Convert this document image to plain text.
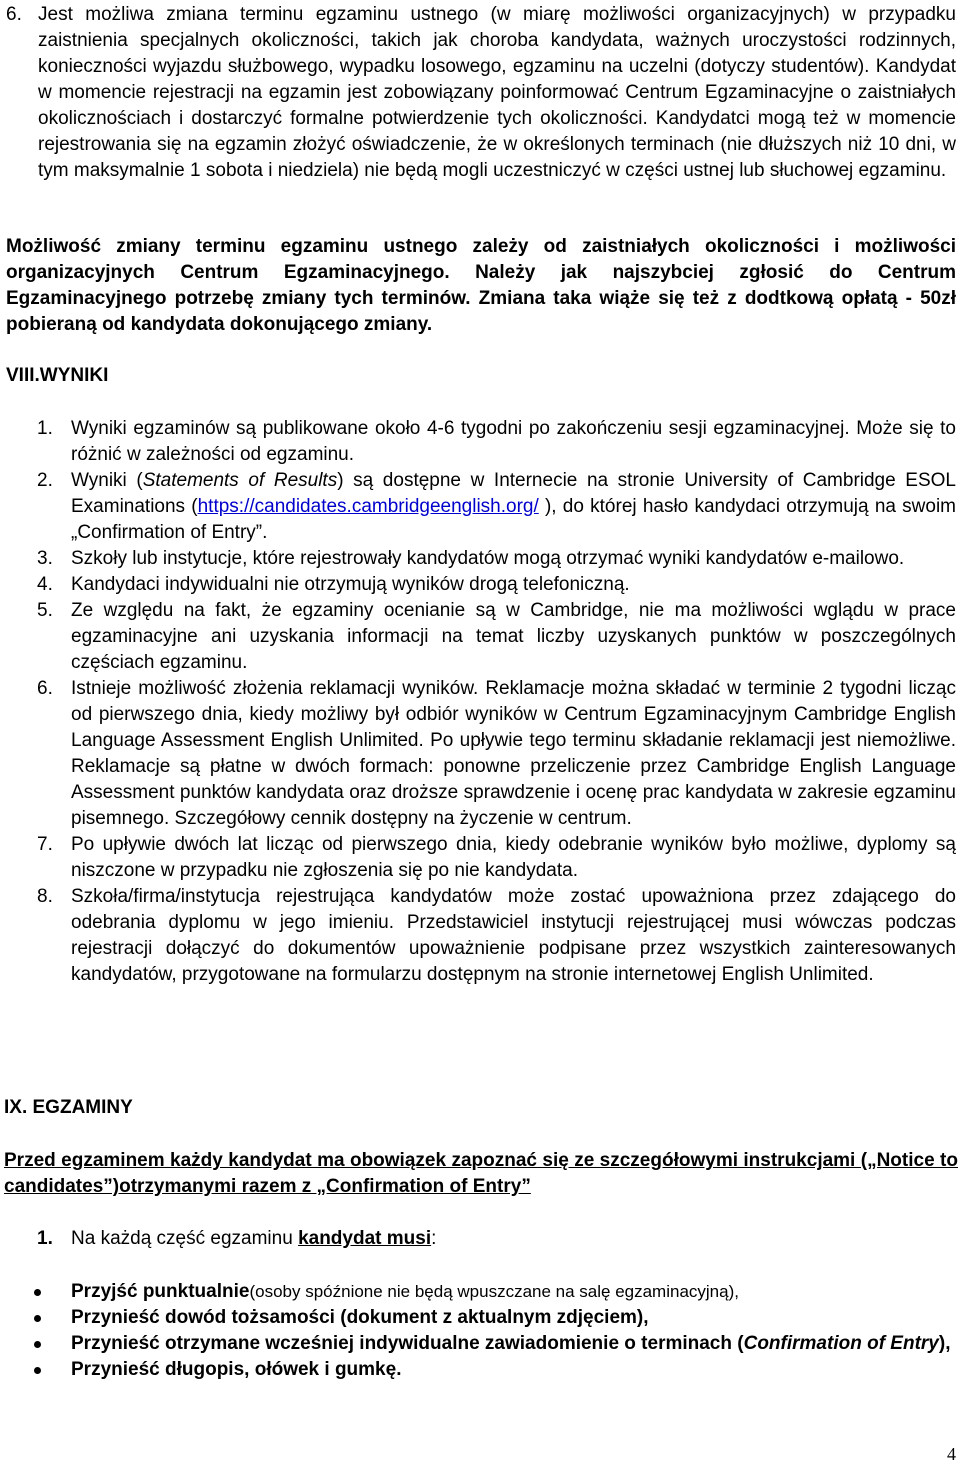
6. Jest możliwa zmiana terminu egzaminu ustnego (w miarę możliwości organizacyjnych) w przypadku zaistnienia specjalnych okoliczności, takich jak choroba kandydata, ważnych uroczystości rodzinnych, konieczności wyjazdu służbowego, wypadku losowego, egzaminu na uczelni (dotyczy studentów). Kandydat w momencie rejestracji na egzamin jest zobowiązany poinformować Centrum Egzaminacyjne o zaistniałych okolicznościach i dostarczyć formalne potwierdzenie tych okoliczności. Kandydatci mogą też w momencie rejestrowania się na egzamin złożyć oświadczenie, że w określonych terminach (nie dłuższych niż 10 dni, w tym maksymalnie 1 sobota i niedziela) nie będą mogli uczestniczyć w części ustnej lub słuchowej egzaminu.
Możliwość zmiany terminu egzaminu ustnego zależy od zaistniałych okoliczności i możliwości organizacyjnych Centrum Egzaminacyjnego. Należy jak najszybciej zgłosić do Centrum Egzaminacyjnego potrzebę zmiany tych terminów. Zmiana taka wiąże się też z dodtkową opłatą - 50zł pobieraną od kandydata dokonującego zmiany.
VIII.WYNIKI
1. Wyniki egzaminów są publikowane około 4-6 tygodni po zakończeniu sesji egzaminacyjnej. Może się to różnić w zależności od egzaminu.
2. Wyniki (Statements of Results) są dostępne w Internecie na stronie University of Cambridge ESOL Examinations (https://candidates.cambridgeenglish.org/ ), do której hasło kandydaci otrzymują na swoim „Confirmation of Entry”.
3. Szkoły lub instytucje, które rejestrowały kandydatów mogą otrzymać wyniki kandydatów e-mailowo.
4. Kandydaci indywidualni nie otrzymują wyników drogą telefoniczną.
5. Ze względu na fakt, że egzaminy ocenianie są w Cambridge, nie ma możliwości wglądu w prace egzaminacyjne ani uzyskania informacji na temat liczby uzyskanych punktów w poszczególnych częściach egzaminu.
6. Istnieje możliwość złożenia reklamacji wyników. Reklamacje można składać w terminie 2 tygodni licząc od pierwszego dnia, kiedy możliwy był odbiór wyników w Centrum Egzaminacyjnym Cambridge English Language Assessment English Unlimited. Po upływie tego terminu składanie reklamacji jest niemożliwe. Reklamacje są płatne w dwóch formach: ponowne przeliczenie przez Cambridge English Language Assessment punktów kandydata oraz droższe sprawdzenie i ocenę prac kandydata w zakresie egzaminu pisemnego. Szczegółowy cennik dostępny na życzenie w centrum.
7. Po upływie dwóch lat licząc od pierwszego dnia, kiedy odebranie wyników było możliwe, dyplomy są niszczone w przypadku nie zgłoszenia się po nie kandydata.
8. Szkoła/firma/instytucja rejestrująca kandydatów może zostać upoważniona przez zdającego do odebrania dyplomu w jego imieniu. Przedstawiciel instytucji rejestrującej musi wówczas podczas rejestracji dołączyć do dokumentów upoważnienie podpisane przez wszystkich zainteresowanych kandydatów, przygotowane na formularzu dostępnym na stronie internetowej English Unlimited.
IX. EGZAMINY
Przed egzaminem każdy kandydat ma obowiązek zapoznać się ze szczegółowymi instrukcjami („Notice to candidates”)otrzymanymi razem z „Confirmation of Entry”
1. Na każdą część egzaminu kandydat musi:
Przyjść punktualnie(osoby spóźnione nie będą wpuszczane na salę egzaminacyjną),
Przynieść dowód tożsamości (dokument z aktualnym zdjęciem),
Przynieść otrzymane wcześniej indywidualne zawiadomienie o terminach (Confirmation of Entry),
Przynieść długopis, ołówek i gumkę.
4
